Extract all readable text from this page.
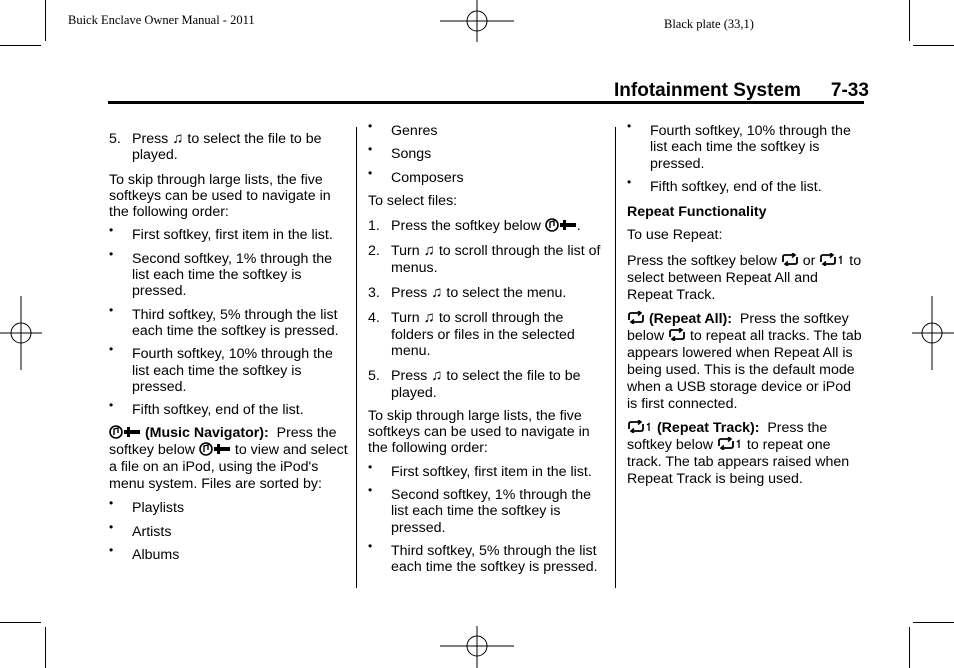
Buick Enclave Owner Manual - 2011	Black plate (33,1)
Infotainment System 7-33
5. Press ♫ to select the file to be played.

To skip through large lists, the five softkeys can be used to navigate in the following order:

• First softkey, first item in the list.
• Second softkey, 1% through the list each time the softkey is pressed.
• Third softkey, 5% through the list each time the softkey is pressed.
• Fourth softkey, 10% through the list each time the softkey is pressed.
• Fifth softkey, end of the list.

(Music Navigator): Press the softkey below	to view and select a file on an iPod, using the iPod's menu system. Files are sorted by:

• Playlists
• Artists
• Albums
• Genres
• Songs
• Composers

To select files:

1. Press the softkey below	.
2. Turn ♫ to scroll through the list of menus.
3. Press ♫ to select the menu.
4. Turn ♫ to scroll through the folders or files in the selected menu.
5. Press ♫ to select the file to be played.

To skip through large lists, the five softkeys can be used to navigate in the following order:

• First softkey, first item in the list.
• Second softkey, 1% through the list each time the softkey is pressed.
• Third softkey, 5% through the list each time the softkey is pressed.
• Fourth softkey, 10% through the list each time the softkey is pressed.
• Fifth softkey, end of the list.

Repeat Functionality

To use Repeat:

Press the softkey below or to select between Repeat All and Repeat Track.

(Repeat All): Press the softkey below to repeat all tracks. The tab appears lowered when Repeat All is being used. This is the default mode when a USB storage device or iPod is first connected.

(Repeat Track): Press the softkey below to repeat one track. The tab appears raised when Repeat Track is being used.
